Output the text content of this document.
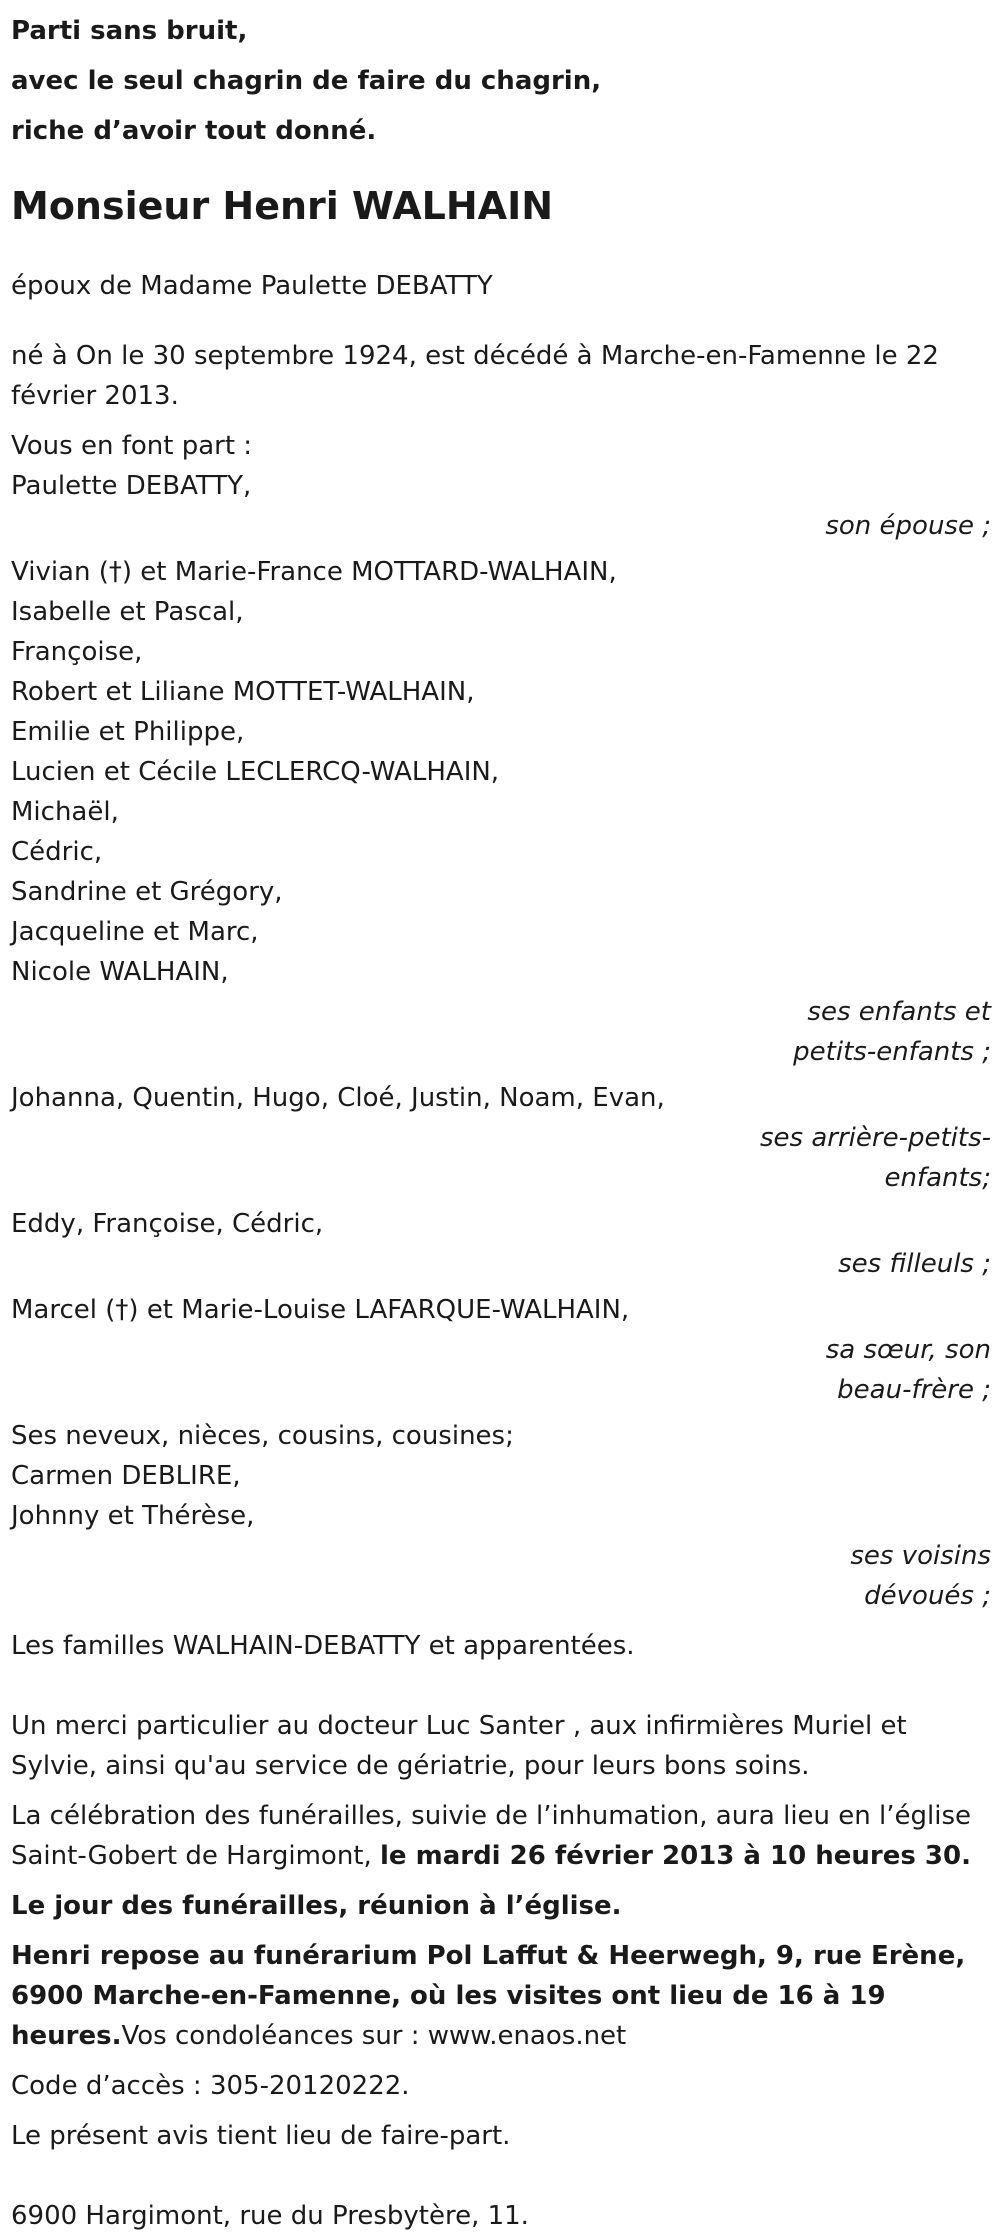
Parti sans bruit,

avec le seul chagrin de faire du chagrin,

riche d’avoir tout donné.

Monsieur Henri WALHAIN

époux de Madame Paulette DEBATTY

né à On le 30 septembre 1924, est décédé à Marche-en-Famenne le 22 février 2013.

Vous en font part :

Paulette DEBATTY,

son épouse ;

Vivian (†) et Marie-France MOTTARD-WALHAIN,

Isabelle et Pascal,

Françoise,

Robert et Liliane MOTTET-WALHAIN,

Emilie et Philippe,

Lucien et Cécile LECLERCQ-WALHAIN,

Michaël,

Cédric,

Sandrine et Grégory,

Jacqueline et Marc,

Nicole WALHAIN,

ses enfants et petits-enfants ;

Johanna, Quentin, Hugo, Cloé, Justin, Noam, Evan,

ses arrière-petits-enfants;

Eddy, Françoise, Cédric,

ses filleuls ;

Marcel (†) et Marie-Louise LAFARQUE-WALHAIN,

sa sœur, son beau-frère ;

Ses neveux, nièces, cousins, cousines;

Carmen DEBLIRE,

Johnny et Thérèse,

ses voisins dévoués ;

Les familles WALHAIN-DEBATTY et apparentées.

Un merci particulier au docteur Luc Santer , aux infirmières Muriel et Sylvie, ainsi qu'au service de gériatrie, pour leurs bons soins.

La célébration des funérailles, suivie de l’inhumation, aura lieu en l’église Saint-Gobert de Hargimont, le mardi 26 février 2013 à 10 heures 30.

Le jour des funérailles, réunion à l’église.

Henri repose au funérarium Pol Laffut & Heerwegh, 9, rue Erène, 6900 Marche-en-Famenne, où les visites ont lieu de 16 à 19 heures.Vos condoléances sur : www.enaos.net

Code d’accès : 305-20120222.

Le présent avis tient lieu de faire-part.

6900 Hargimont, rue du Presbytère, 11.
